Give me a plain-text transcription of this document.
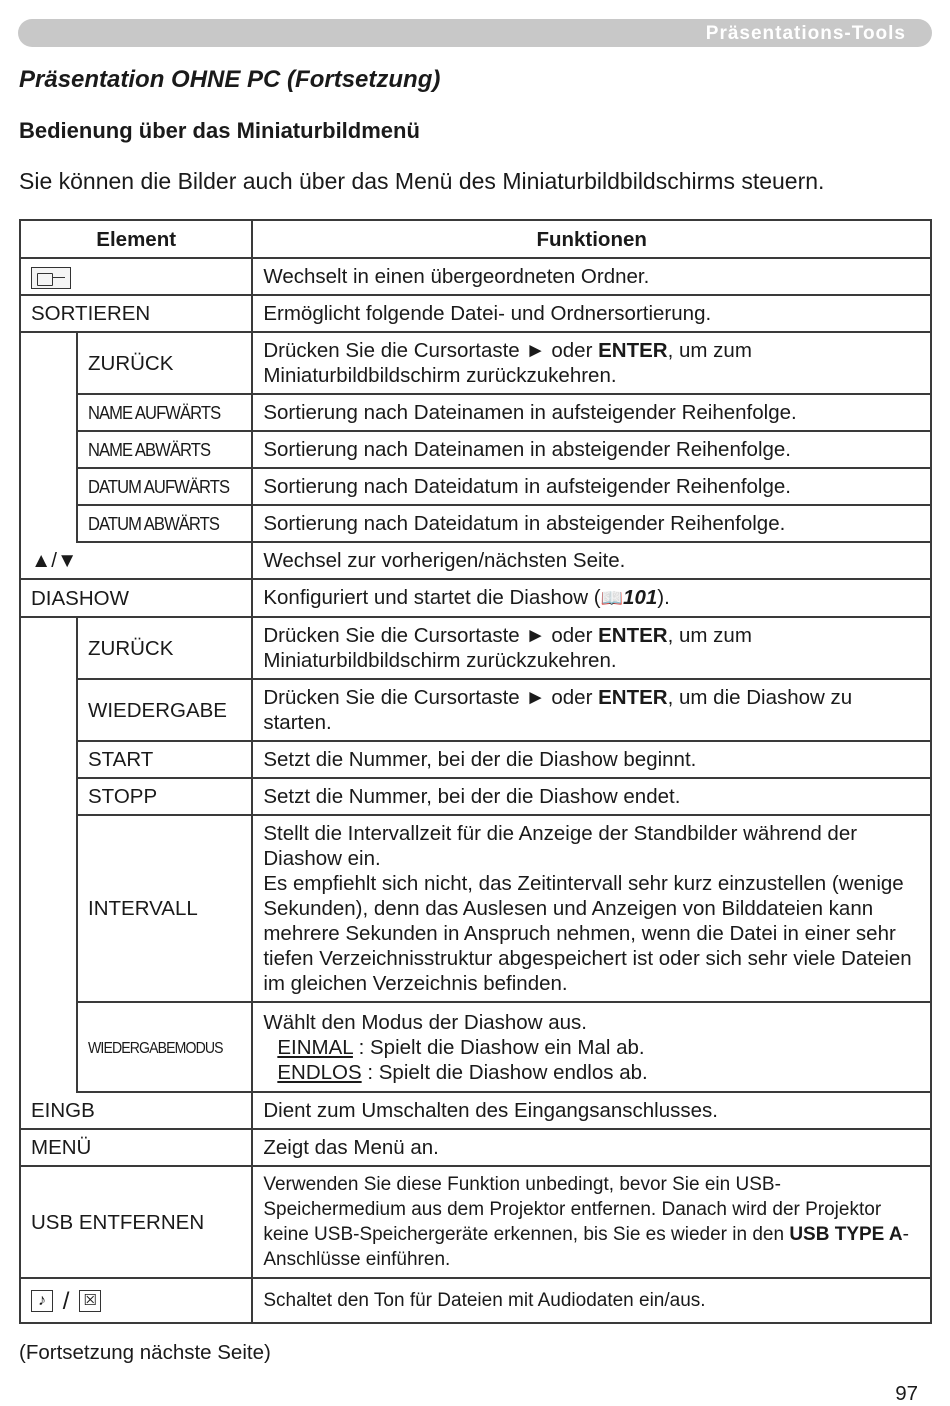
Präsentations-Tools
Präsentation OHNE PC (Fortsetzung)
Bedienung über das Miniaturbildmenü
Sie können die Bilder auch über das Menü des Miniaturbildbildschirms steuern.
Element		Funktionen
		Wechselt in einen übergeordneten Ordner.
SORTIEREN		Ermöglicht folgende Datei- und Ordnersortierung.
	ZURÜCK	Drücken Sie die Cursortaste ► oder ENTER, um zum Miniaturbildbildschirm zurückzukehren.
	NAME AUFWÄRTS	Sortierung nach Dateinamen in aufsteigender Reihenfolge.
	NAME ABWÄRTS	Sortierung nach Dateinamen in absteigender Reihenfolge.
	DATUM AUFWÄRTS	Sortierung nach Dateidatum in aufsteigender Reihenfolge.
	DATUM ABWÄRTS	Sortierung nach Dateidatum in absteigender Reihenfolge.
▲/▼		Wechsel zur vorherigen/nächsten Seite.
DIASHOW		Konfiguriert und startet die Diashow (📖101).
	ZURÜCK	Drücken Sie die Cursortaste ► oder ENTER, um zum Miniaturbildbildschirm zurückzukehren.
	WIEDERGABE	Drücken Sie die Cursortaste ► oder ENTER, um die Diashow zu starten.
	START	Setzt die Nummer, bei der die Diashow beginnt.
	STOPP	Setzt die Nummer, bei der die Diashow endet.
	INTERVALL	Stellt die Intervallzeit für die Anzeige der Standbilder während der Diashow ein.
Es empfiehlt sich nicht, das Zeitintervall sehr kurz einzustellen (wenige Sekunden), denn das Auslesen und Anzeigen von Bilddateien kann mehrere Sekunden in Anspruch nehmen, wenn die Datei in einer sehr tiefen Verzeichnisstruktur abgespeichert ist oder sich sehr viele Dateien im gleichen Verzeichnis befinden.

	WIEDERGABEMODUS	Wählt den Modus der Diashow aus.
EINMAL : Spielt die Diashow ein Mal ab.
ENDLOS : Spielt die Diashow endlos ab.

EINGB		Dient zum Umschalten des Eingangsanschlusses.
MENÜ		Zeigt das Menü an.
USB ENTFERNEN		Verwenden Sie diese Funktion unbedingt, bevor Sie ein USB-Speichermedium aus dem Projektor entfernen. Danach wird der Projektor keine USB-Speichergeräte erkennen, bis Sie es wieder in den USB TYPE A-Anschlüsse einführen.
♪ / ☒		Schaltet den Ton für Dateien mit Audiodaten ein/aus.
(Fortsetzung nächste Seite)
97
